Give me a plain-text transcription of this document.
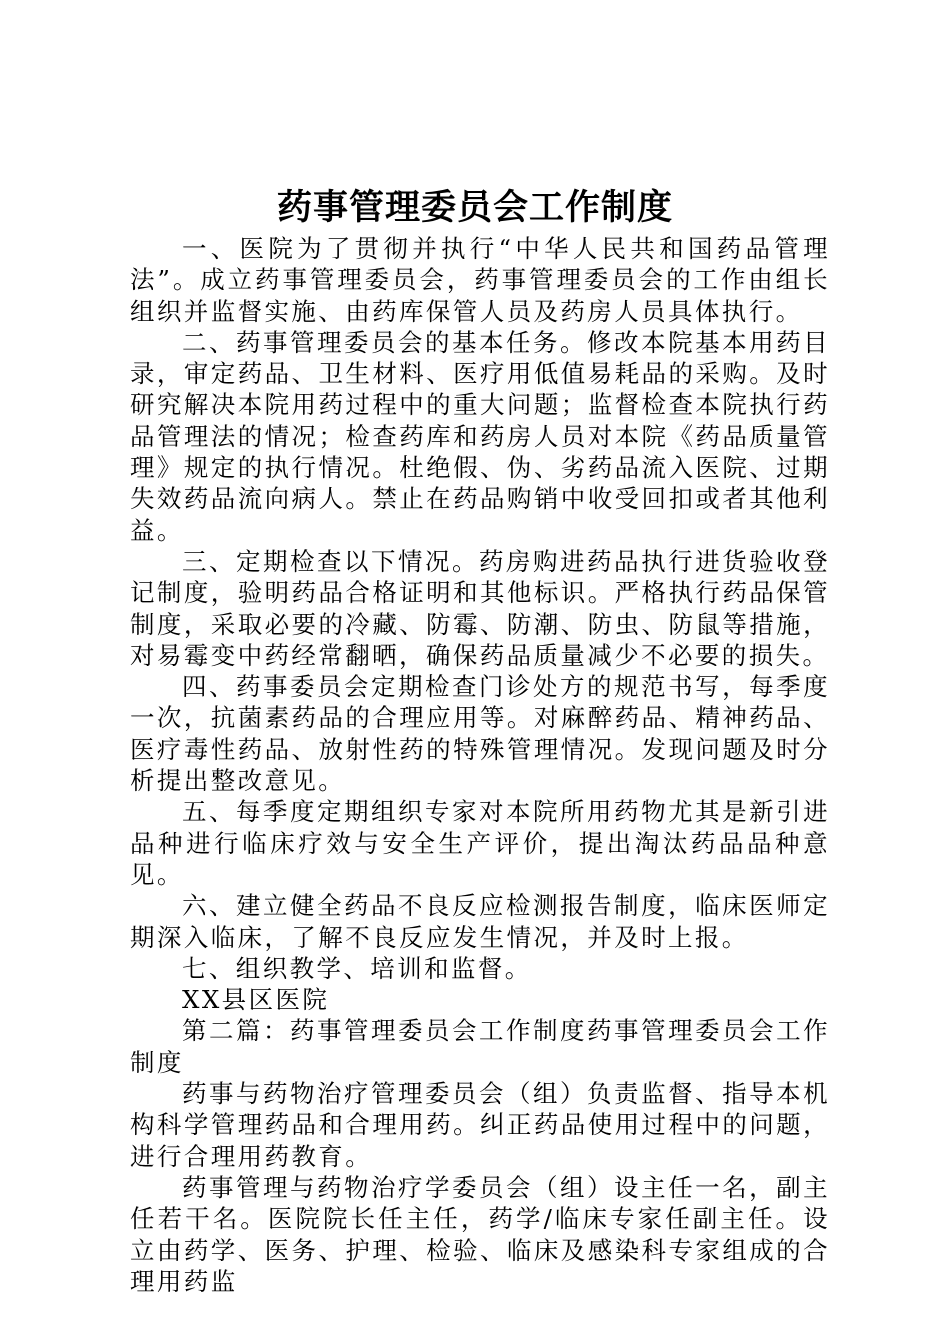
药事管理委员会工作制度

一、医院为了贯彻并执行“中华人民共和国药品管理法”。成立药事管理委员会，药事管理委员会的工作由组长组织并监督实施、由药库保管人员及药房人员具体执行。

二、药事管理委员会的基本任务。修改本院基本用药目录，审定药品、卫生材料、医疗用低值易耗品的采购。及时研究解决本院用药过程中的重大问题；监督检查本院执行药品管理法的情况；检查药库和药房人员对本院《药品质量管理》规定的执行情况。杜绝假、伪、劣药品流入医院、过期失效药品流向病人。禁止在药品购销中收受回扣或者其他利益。

三、定期检查以下情况。药房购进药品执行进货验收登记制度，验明药品合格证明和其他标识。严格执行药品保管制度，采取必要的冷藏、防霉、防潮、防虫、防鼠等措施，对易霉变中药经常翻晒，确保药品质量减少不必要的损失。

四、药事委员会定期检查门诊处方的规范书写，每季度一次，抗菌素药品的合理应用等。对麻醉药品、精神药品、医疗毒性药品、放射性药的特殊管理情况。发现问题及时分析提出整改意见。

五、每季度定期组织专家对本院所用药物尤其是新引进品种进行临床疗效与安全生产评价，提出淘汰药品品种意见。

六、建立健全药品不良反应检测报告制度，临床医师定期深入临床，了解不良反应发生情况，并及时上报。

七、组织教学、培训和监督。

XX县区医院

第二篇：药事管理委员会工作制度药事管理委员会工作制度

药事与药物治疗管理委员会（组）负责监督、指导本机构科学管理药品和合理用药。纠正药品使用过程中的问题，进行合理用药教育。

药事管理与药物治疗学委员会（组）设主任一名，副主任若干名。医院院长任主任，药学/临床专家任副主任。设立由药学、医务、护理、检验、临床及感染科专家组成的合理用药监
